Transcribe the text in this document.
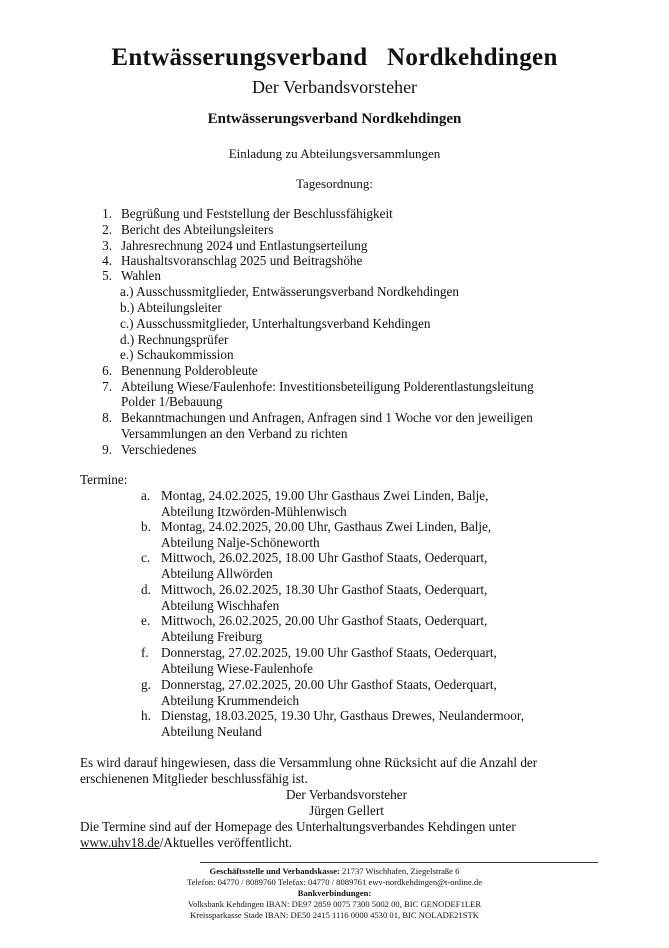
Entwässerungsverband   Nordkehdingen
Der Verbandsvorsteher
Entwässerungsverband Nordkehdingen
Einladung zu Abteilungsversammlungen
Tagesordnung:
1. Begrüßung und Feststellung der Beschlussfähigkeit
2. Bericht des Abteilungsleiters
3. Jahresrechnung 2024 und Entlastungserteilung
4. Haushaltsvoranschlag 2025 und Beitragshöhe
5. Wahlen
a.) Ausschussmitglieder, Entwässerungsverband Nordkehdingen
b.) Abteilungsleiter
c.) Ausschussmitglieder, Unterhaltungsverband Kehdingen
d.) Rechnungsprüfer
e.) Schaukommission
6. Benennung Polderobleute
7. Abteilung Wiese/Faulenhofe: Investitionsbeteiligung Polderentlastungsleitung
Polder 1/Bebauung
8. Bekanntmachungen und Anfragen, Anfragen sind 1 Woche vor den jeweiligen
Versammlungen an den Verband zu richten
9. Verschiedenes
Termine:
a. Montag, 24.02.2025, 19.00 Uhr Gasthaus Zwei Linden, Balje,
Abteilung Itzwörden-Mühlenwisch
b. Montag, 24.02.2025, 20.00 Uhr, Gasthaus Zwei Linden, Balje,
Abteilung Nalje-Schöneworth
c. Mittwoch, 26.02.2025, 18.00 Uhr Gasthof Staats, Oederquart,
Abteilung Allwörden
d. Mittwoch, 26.02.2025, 18.30 Uhr Gasthof Staats, Oederquart,
Abteilung Wischhafen
e. Mittwoch, 26.02.2025, 20.00 Uhr Gasthof Staats, Oederquart,
Abteilung Freiburg
f. Donnerstag, 27.02.2025, 19.00 Uhr Gasthof Staats, Oederquart,
Abteilung Wiese-Faulenhofe
g. Donnerstag, 27.02.2025, 20.00 Uhr Gasthof Staats, Oederquart,
Abteilung Krummendeich
h. Dienstag, 18.03.2025, 19.30 Uhr, Gasthaus Drewes, Neulandermoor,
Abteilung Neuland
Es wird darauf hingewiesen, dass die Versammlung ohne Rücksicht auf die Anzahl der
erschienenen Mitglieder beschlussfähig ist.
Der Verbandsvorsteher
Jürgen Gellert
Die Termine sind auf der Homepage des Unterhaltungsverbandes Kehdingen unter
www.uhv18.de/Aktuelles veröffentlicht.
Geschäftsstelle und Verbandskasse: 21737 Wischhafen, Ziegelstraße 6
Telefon: 04770 / 8089760 Telefax: 04770 / 8089761 ewv-nordkehdingen@t-online.de
Bankverbindungen:
Volksbank Kehdingen IBAN: DE97 2859 0075 7300 5002 00, BIC GENODEF1LER
Kreissparkasse Stade IBAN: DE50 2415 1116 0000 4530 01, BIC NOLADE21STK
